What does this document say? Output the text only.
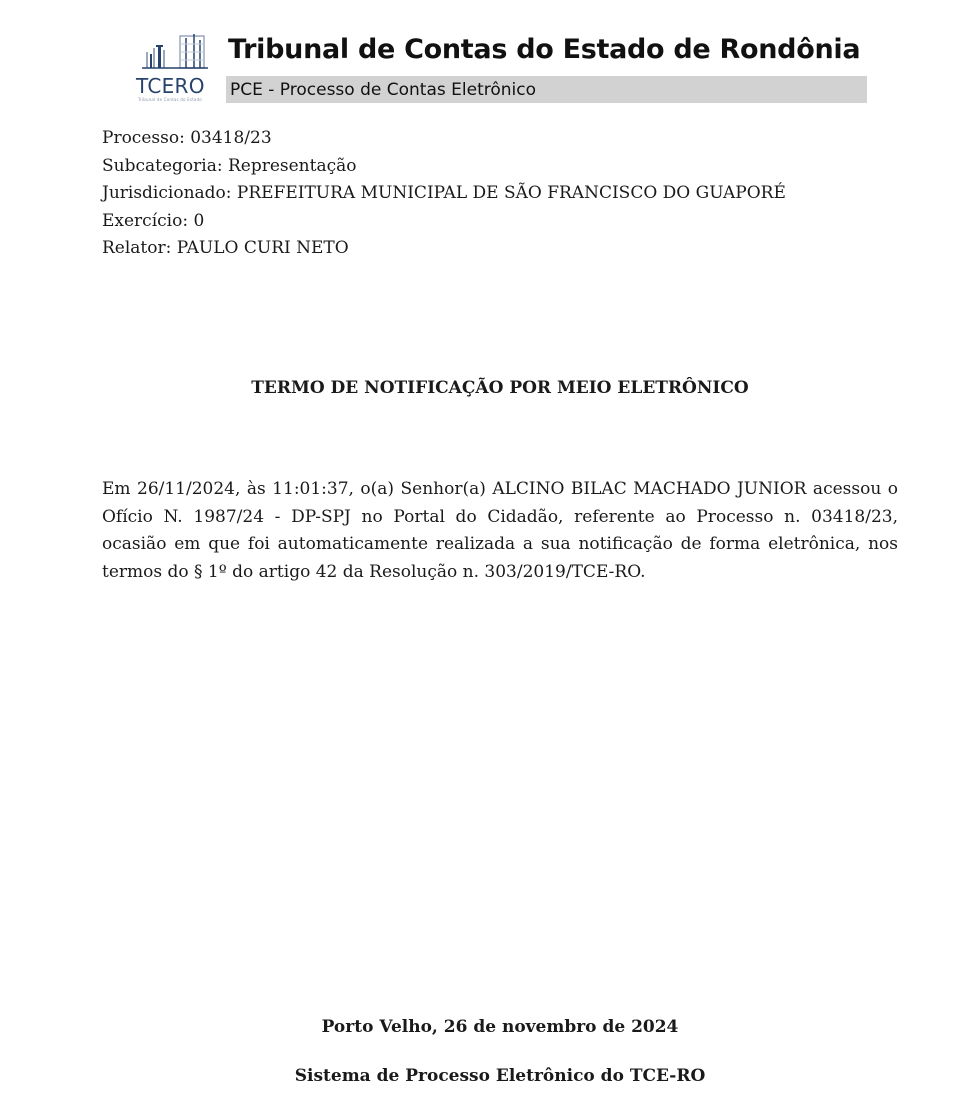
TCERO
Tribunal de Contas do Estado
Tribunal de Contas do Estado de Rondônia
PCE - Processo de Contas Eletrônico
Processo: 03418/23
Subcategoria: Representação
Jurisdicionado: PREFEITURA MUNICIPAL DE SÃO FRANCISCO DO GUAPORÉ
Exercício: 0
Relator: PAULO CURI NETO
TERMO DE NOTIFICAÇÃO POR MEIO ELETRÔNICO
Em 26/11/2024, às 11:01:37, o(a) Senhor(a) ALCINO BILAC MACHADO JUNIOR acessou o Ofício N. 1987/24 - DP-SPJ no Portal do Cidadão, referente ao Processo n. 03418/23, ocasião em que foi automaticamente realizada a sua notificação de forma eletrônica, nos termos do § 1º do artigo 42 da Resolução n. 303/2019/TCE-RO.
Porto Velho, 26 de novembro de 2024
Sistema de Processo Eletrônico do TCE-RO
